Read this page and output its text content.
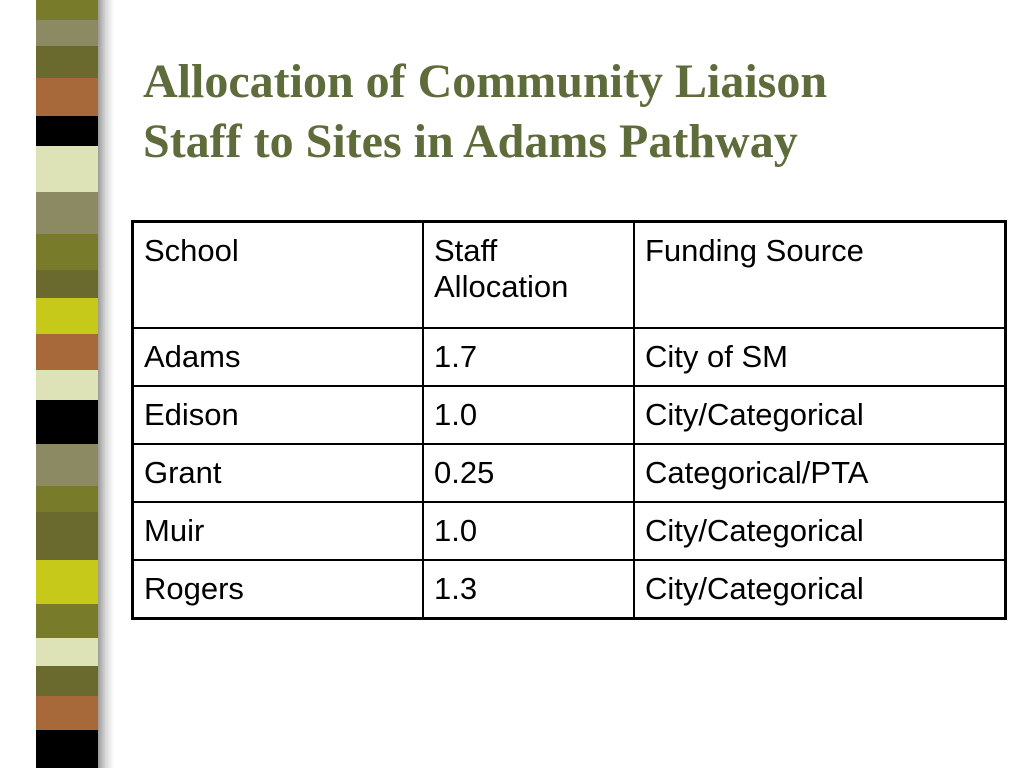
Allocation of Community Liaison
Staff to Sites in Adams Pathway
School	Staff Allocation	Funding Source
Adams	1.7	City of SM
Edison	1.0	City/Categorical
Grant	0.25	Categorical/PTA
Muir	1.0	City/Categorical
Rogers	1.3	City/Categorical
